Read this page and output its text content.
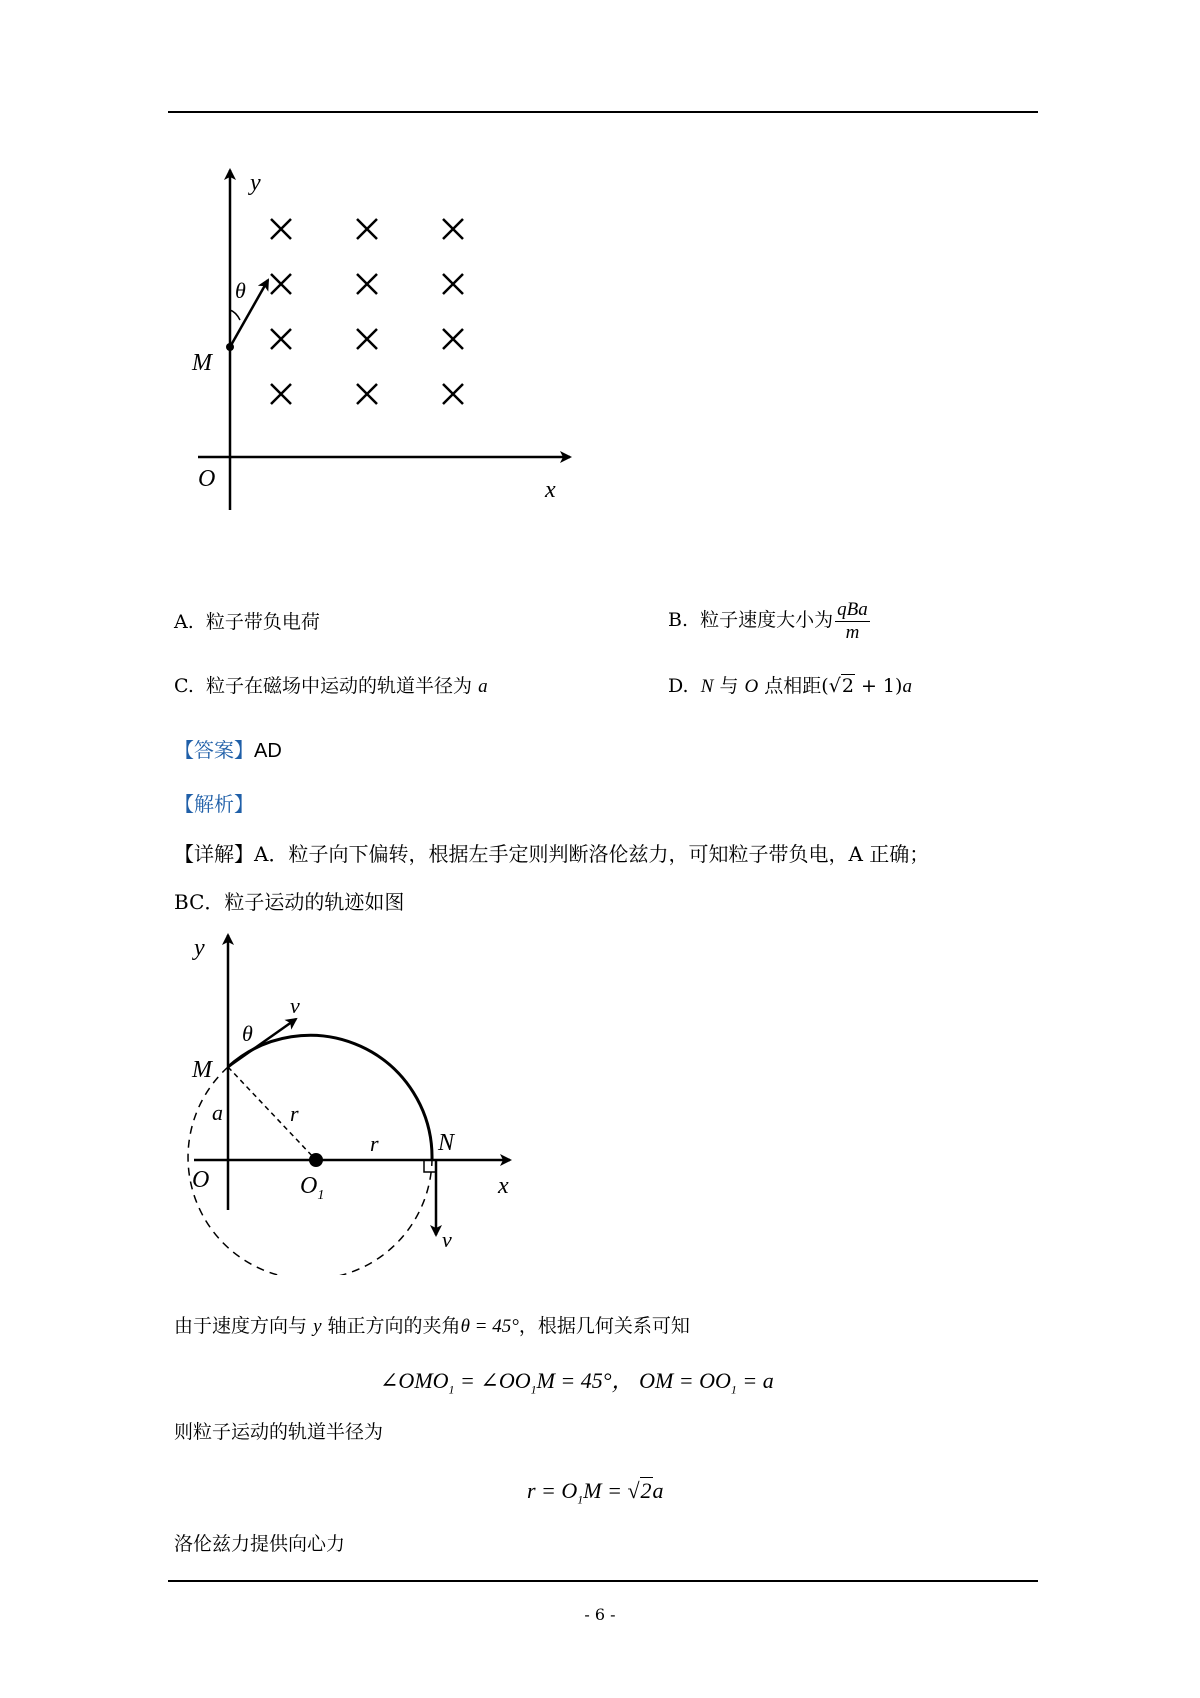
y
x
O
M
θ
A. 粒子带负电荷	B. 粒子速度大小为 $\frac{\text{qBa}}{m}$
C. 粒子在磁场中运动的轨道半径为 a	D. N 与 O 点相距(√2 + 1)a
【答案】AD
【解析】
【详解】A．粒子向下偏转，根据左手定则判断洛伦兹力，可知粒子带负电，A 正确；
BC．粒子运动的轨迹如图
y
x
O	$O_1$
M
N
θ
v
v
r
r
a
由于速度方向与 y 轴正方向的夹角θ = 45°，根据几何关系可知
$\angle OMO_1$ = $\angle OO_1M = 45^\circ$， OM = $OO_1 = a$
则粒子运动的轨道半径为
$r = O_1M = √2a$
洛伦兹力提供向心力
- 6 -
